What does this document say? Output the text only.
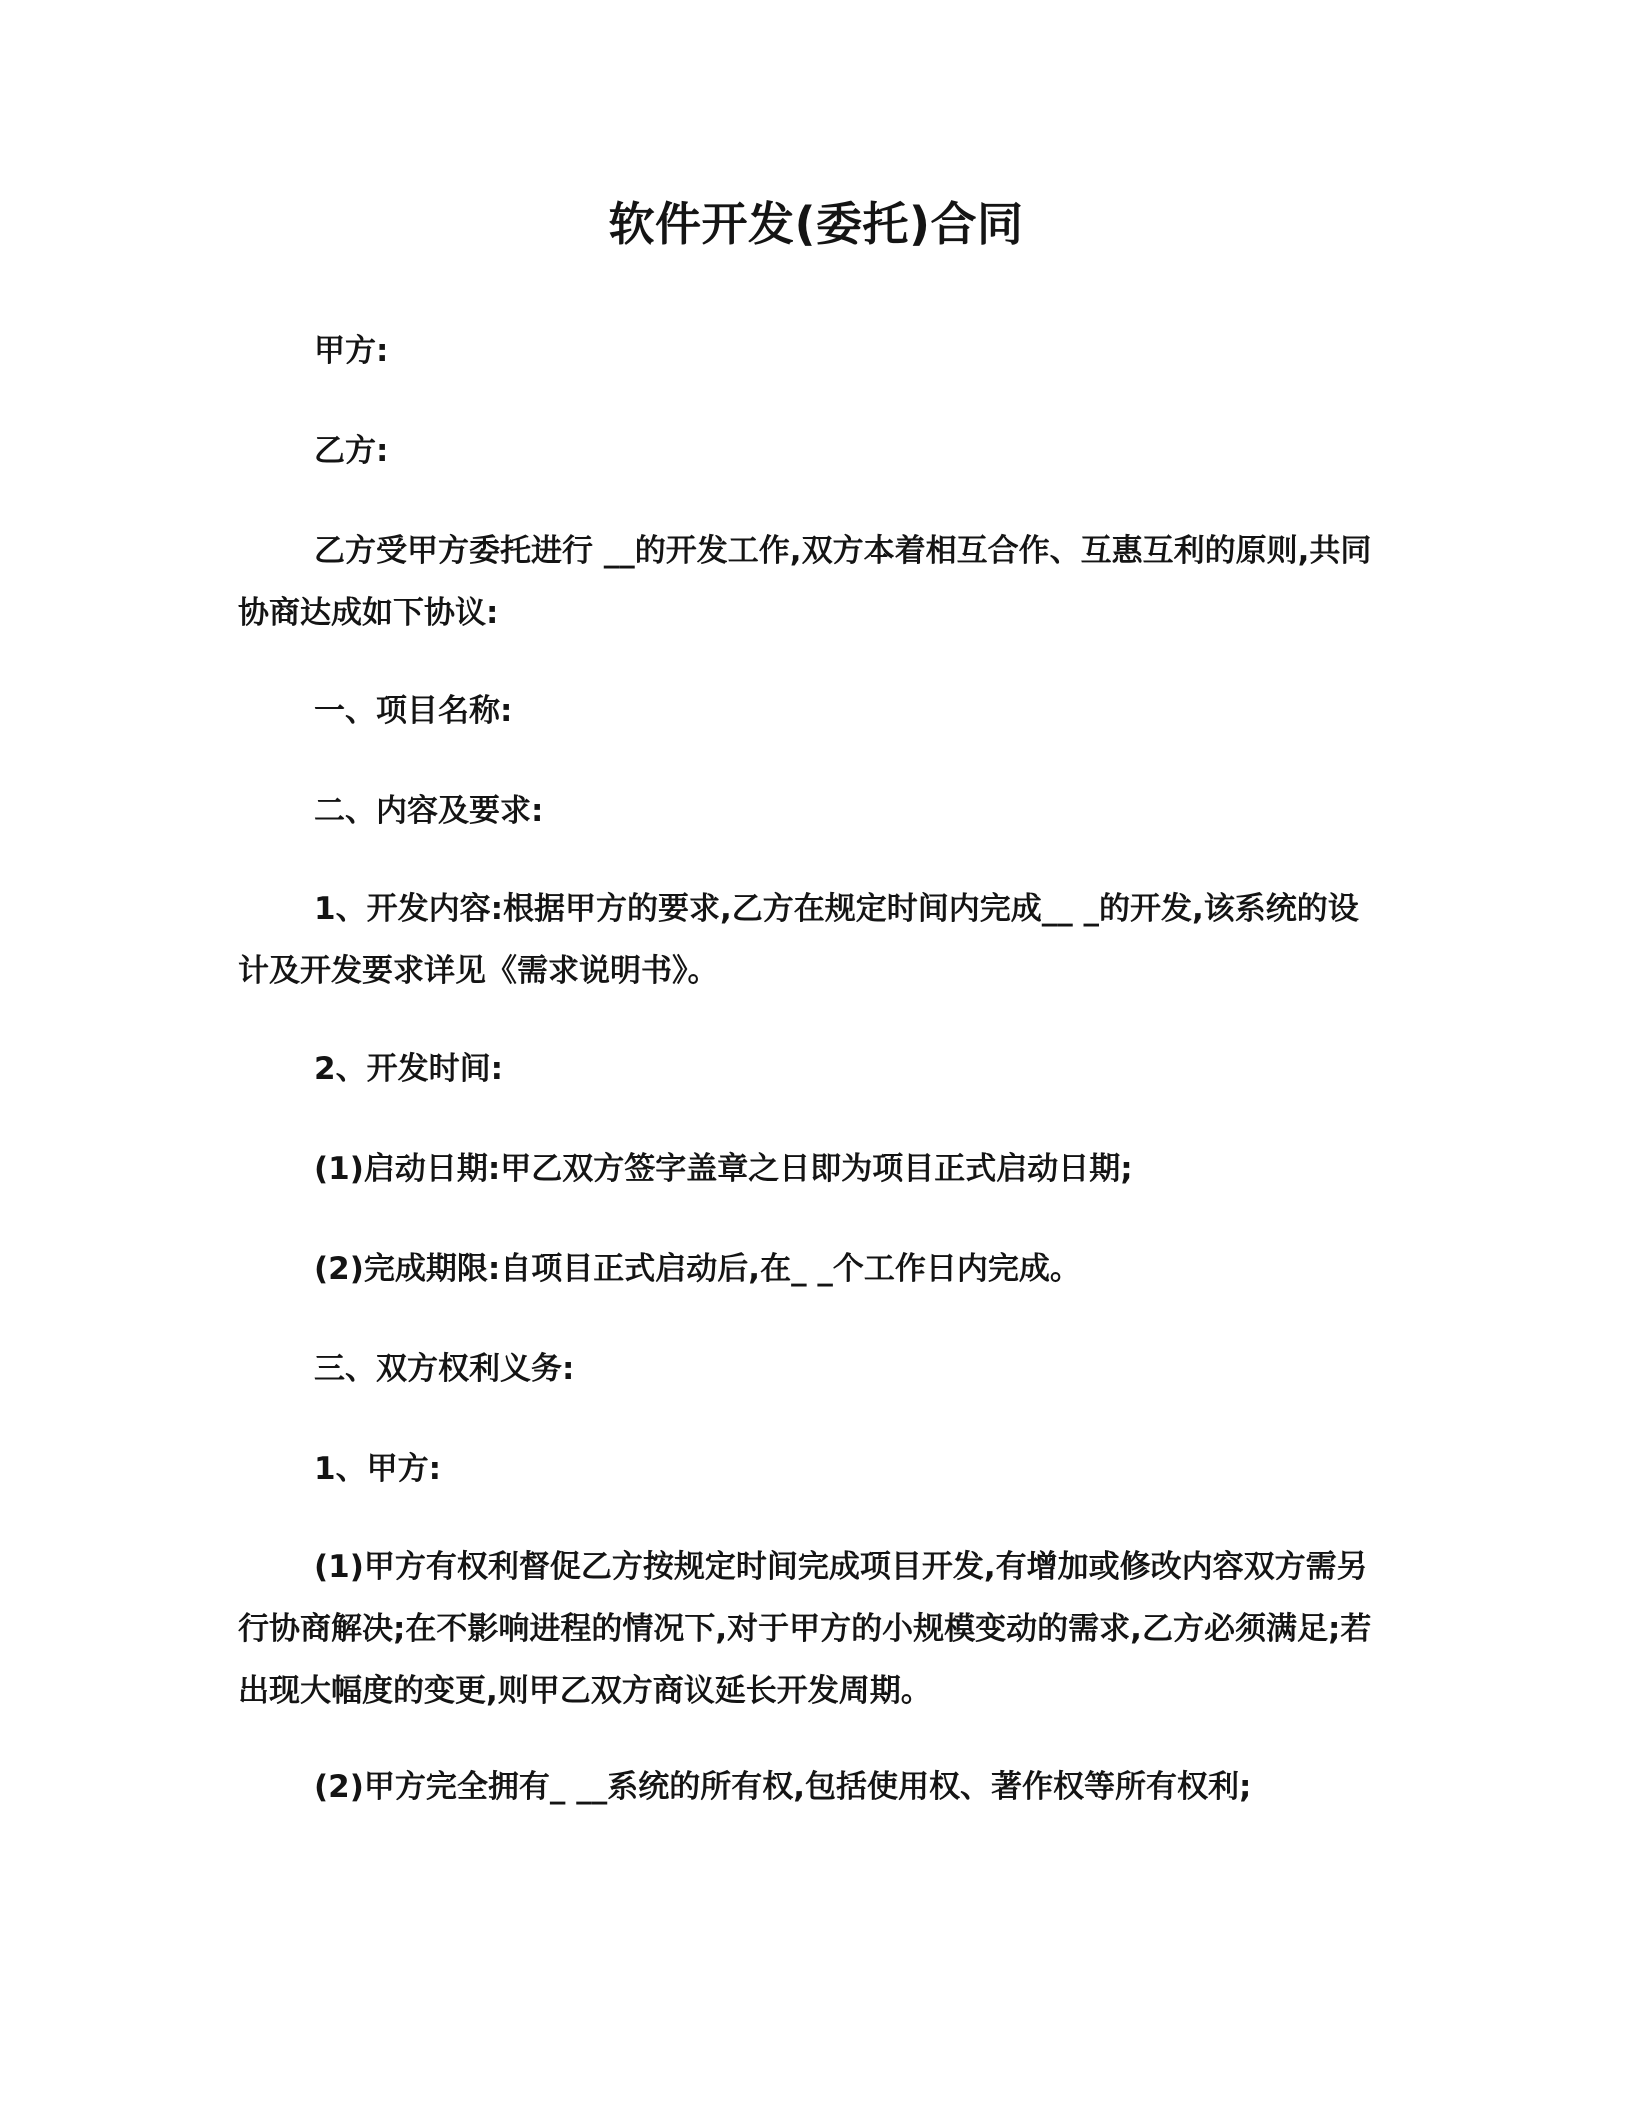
软件开发(委托)合同
甲方:
乙方:
乙方受甲方委托进行 __的开发工作,双方本着相互合作、互惠互利的原则,共同协商达成如下协议:
一、项目名称:
二、内容及要求:
1、开发内容:根据甲方的要求,乙方在规定时间内完成__ _的开发,该系统的设计及开发要求详见《需求说明书》。
2、开发时间:
(1)启动日期:甲乙双方签字盖章之日即为项目正式启动日期;
(2)完成期限:自项目正式启动后,在_ _个工作日内完成。
三、双方权利义务:
1、甲方:
(1)甲方有权利督促乙方按规定时间完成项目开发,有增加或修改内容双方需另行协商解决;在不影响进程的情况下,对于甲方的小规模变动的需求,乙方必须满足;若出现大幅度的变更,则甲乙双方商议延长开发周期。
(2)甲方完全拥有_ __系统的所有权,包括使用权、著作权等所有权利;
